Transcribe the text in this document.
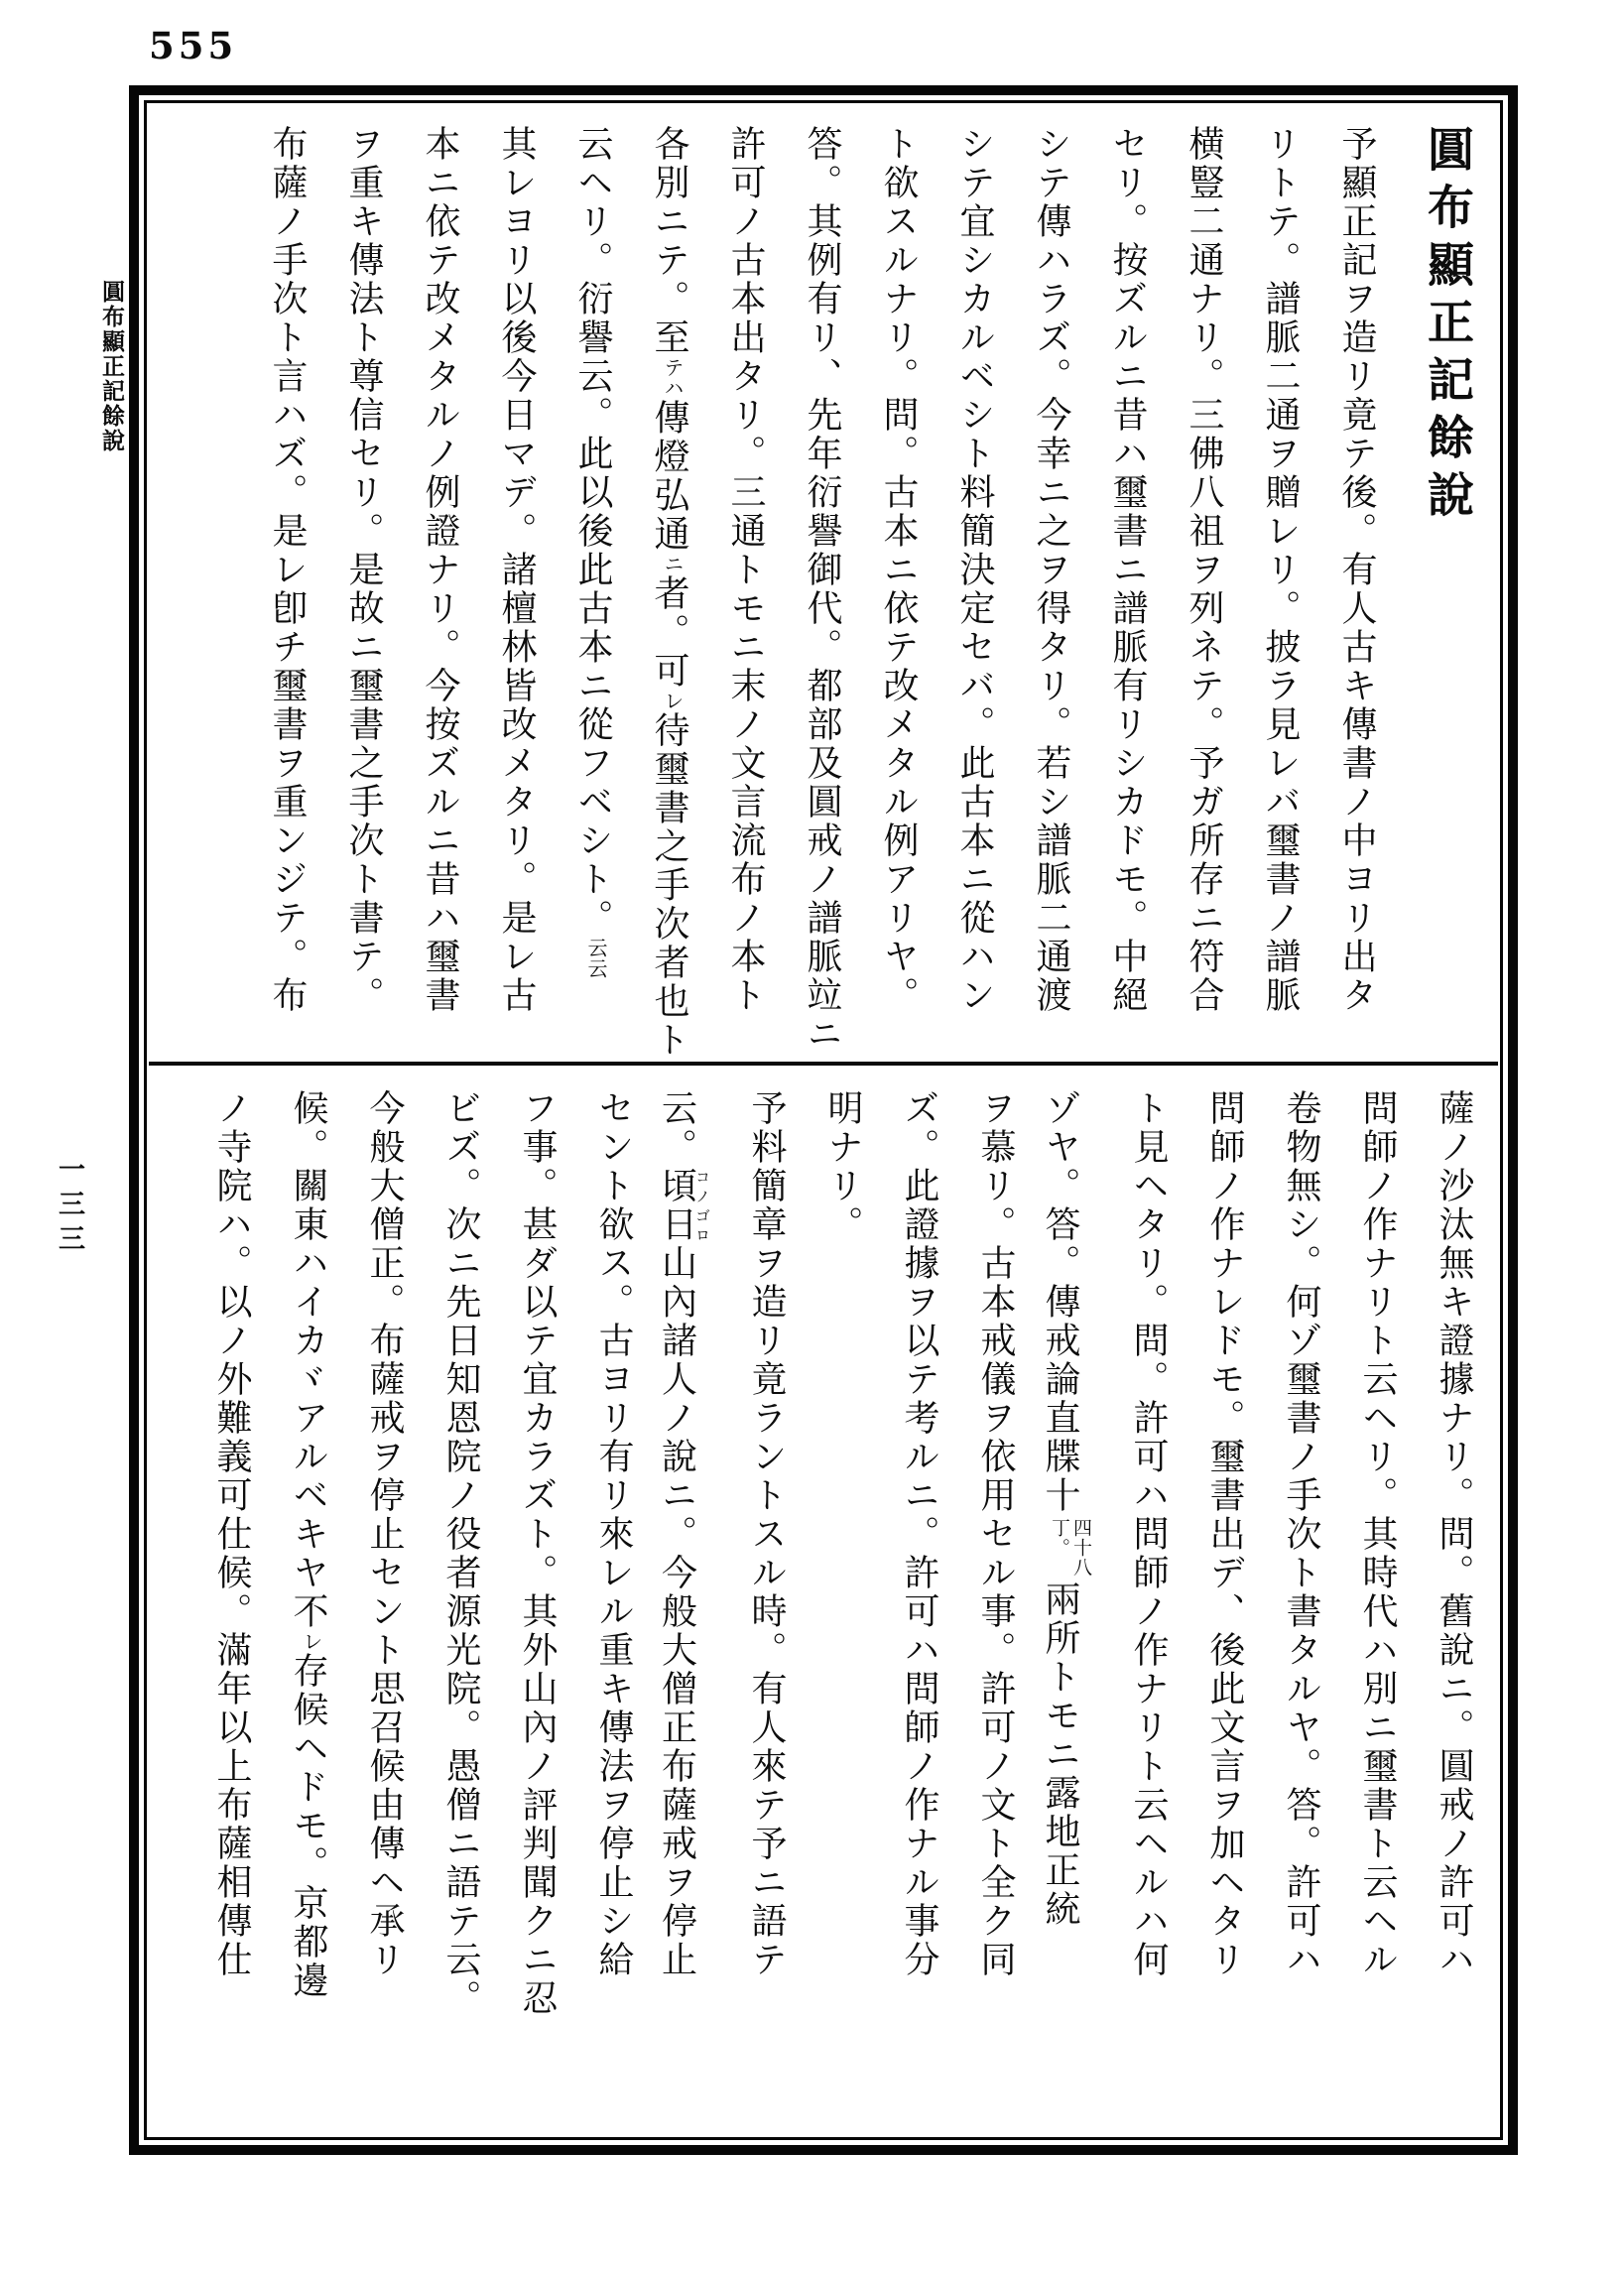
555
圓布顯正記餘說
一三三
圓布顯正記餘說
予顯正記ヲ造リ竟テ後。有人古キ傳書ノ中ヨリ出タ
リトテ。譜脈二通ヲ贈レリ。披ラ見レバ璽書ノ譜脈
横豎二通ナリ。三佛八祖ヲ列ネテ。予ガ所存ニ符合
セリ。按ズルニ昔ハ璽書ニ譜脈有リシカドモ。中絕
シテ傳ハラズ。今幸ニ之ヲ得タリ。若シ譜脈二通渡
シテ宜シカルベシト料簡決定セバ。此古本ニ從ハン
ト欲スルナリ。問。古本ニ依テ改メタル例アリヤ。
答。其例有リ、先年衍譽御代。都部及圓戒ノ譜脈竝ニ
許可ノ古本出タリ。三通トモニ末ノ文言流布ノ本ト
各別ニテ。至テハ傳燈弘通ニ者。可レ待璽書之手次者也ト
云ヘリ。衍譽云。此以後此古本ニ從フベシト。云云
其レヨリ以後今日マデ。諸檀林皆改メタリ。是レ古
本ニ依テ改メタルノ例證ナリ。今按ズルニ昔ハ璽書
ヲ重キ傳法ト尊信セリ。是故ニ璽書之手次ト書テ。
布薩ノ手次ト言ハズ。是レ卽チ璽書ヲ重ンジテ。布
薩ノ沙汰無キ證據ナリ。問。舊說ニ。圓戒ノ許可ハ
問師ノ作ナリト云ヘリ。其時代ハ別ニ璽書ト云ヘル
卷物無シ。何ゾ璽書ノ手次ト書タルヤ。答。許可ハ
問師ノ作ナレドモ。璽書出デ、後此文言ヲ加ヘタリ
ト見ヘタリ。問。許可ハ問師ノ作ナリト云ヘルハ何
ゾヤ。答。傳戒論直牒十
四十八
丁。
兩所トモニ露地正統
ヲ慕リ。古本戒儀ヲ依用セル事。許可ノ文ト全ク同
ズ。此證據ヲ以テ考ルニ。許可ハ問師ノ作ナル事分
明ナリ。
予料簡章ヲ造リ竟ラントスル時。有人來テ予ニ語テ
云。頃日コノゴロ山內諸人ノ說ニ。今般大僧正布薩戒ヲ停止
セント欲ス。古ヨリ有リ來レル重キ傳法ヲ停止シ給
フ事。甚ダ以テ宜カラズト。其外山內ノ評判聞クニ忍
ビズ。次ニ先日知恩院ノ役者源光院。愚僧ニ語テ云。
今般大僧正。布薩戒ヲ停止セント思召候由傳ヘ承リ
候。關東ハイカヾアルベキヤ不レ存候ヘドモ。京都邊
ノ寺院ハ。以ノ外難義可仕候。滿年以上布薩相傳仕
